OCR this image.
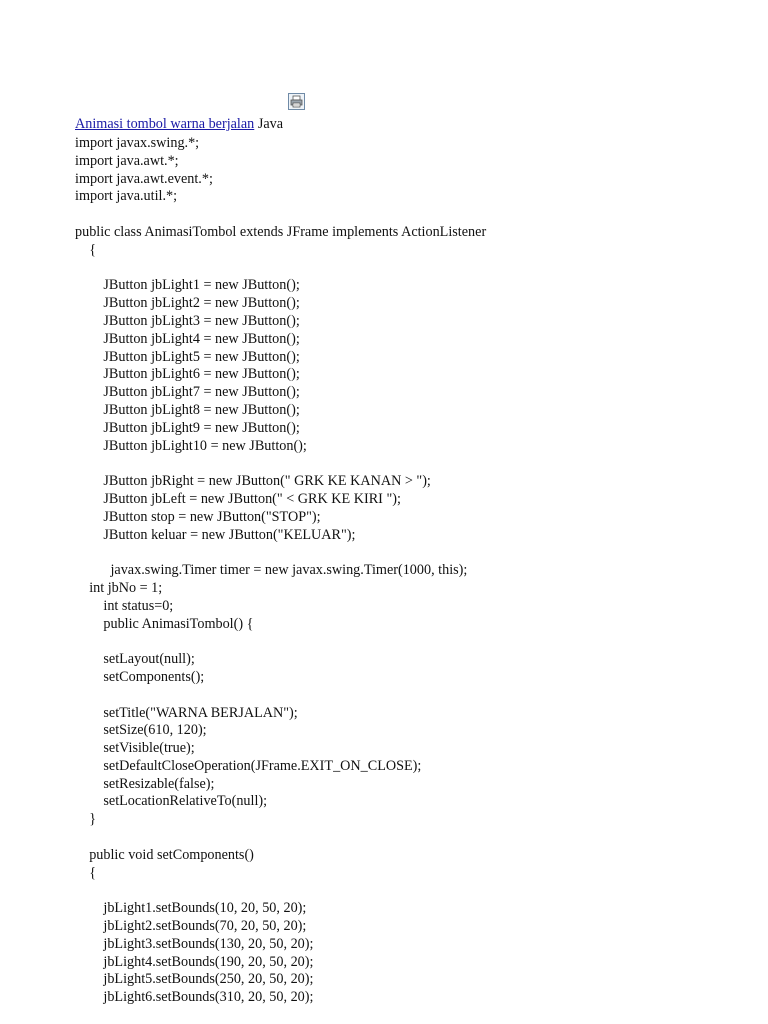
Animasi tombol warna berjalan Java
import javax.swing.*;
import java.awt.*;
import java.awt.event.*;
import java.util.*;
public class AnimasiTombol extends JFrame implements ActionListener
{
JButton jbLight1 = new JButton();
JButton jbLight2 = new JButton();
JButton jbLight3 = new JButton();
JButton jbLight4 = new JButton();
JButton jbLight5 = new JButton();
JButton jbLight6 = new JButton();
JButton jbLight7 = new JButton();
JButton jbLight8 = new JButton();
JButton jbLight9 = new JButton();
JButton jbLight10 = new JButton();
JButton jbRight = new JButton(" GRK KE KANAN > ");
JButton jbLeft = new JButton(" < GRK KE KIRI ");
JButton stop = new JButton("STOP");
JButton keluar = new JButton("KELUAR");
javax.swing.Timer timer = new javax.swing.Timer(1000, this);
int jbNo = 1;
int status=0;
public AnimasiTombol() {
setLayout(null);
setComponents();
setTitle("WARNA BERJALAN");
setSize(610, 120);
setVisible(true);
setDefaultCloseOperation(JFrame.EXIT_ON_CLOSE);
setResizable(false);
setLocationRelativeTo(null);
}
public void setComponents()
{
jbLight1.setBounds(10, 20, 50, 20);
jbLight2.setBounds(70, 20, 50, 20);
jbLight3.setBounds(130, 20, 50, 20);
jbLight4.setBounds(190, 20, 50, 20);
jbLight5.setBounds(250, 20, 50, 20);
jbLight6.setBounds(310, 20, 50, 20);
